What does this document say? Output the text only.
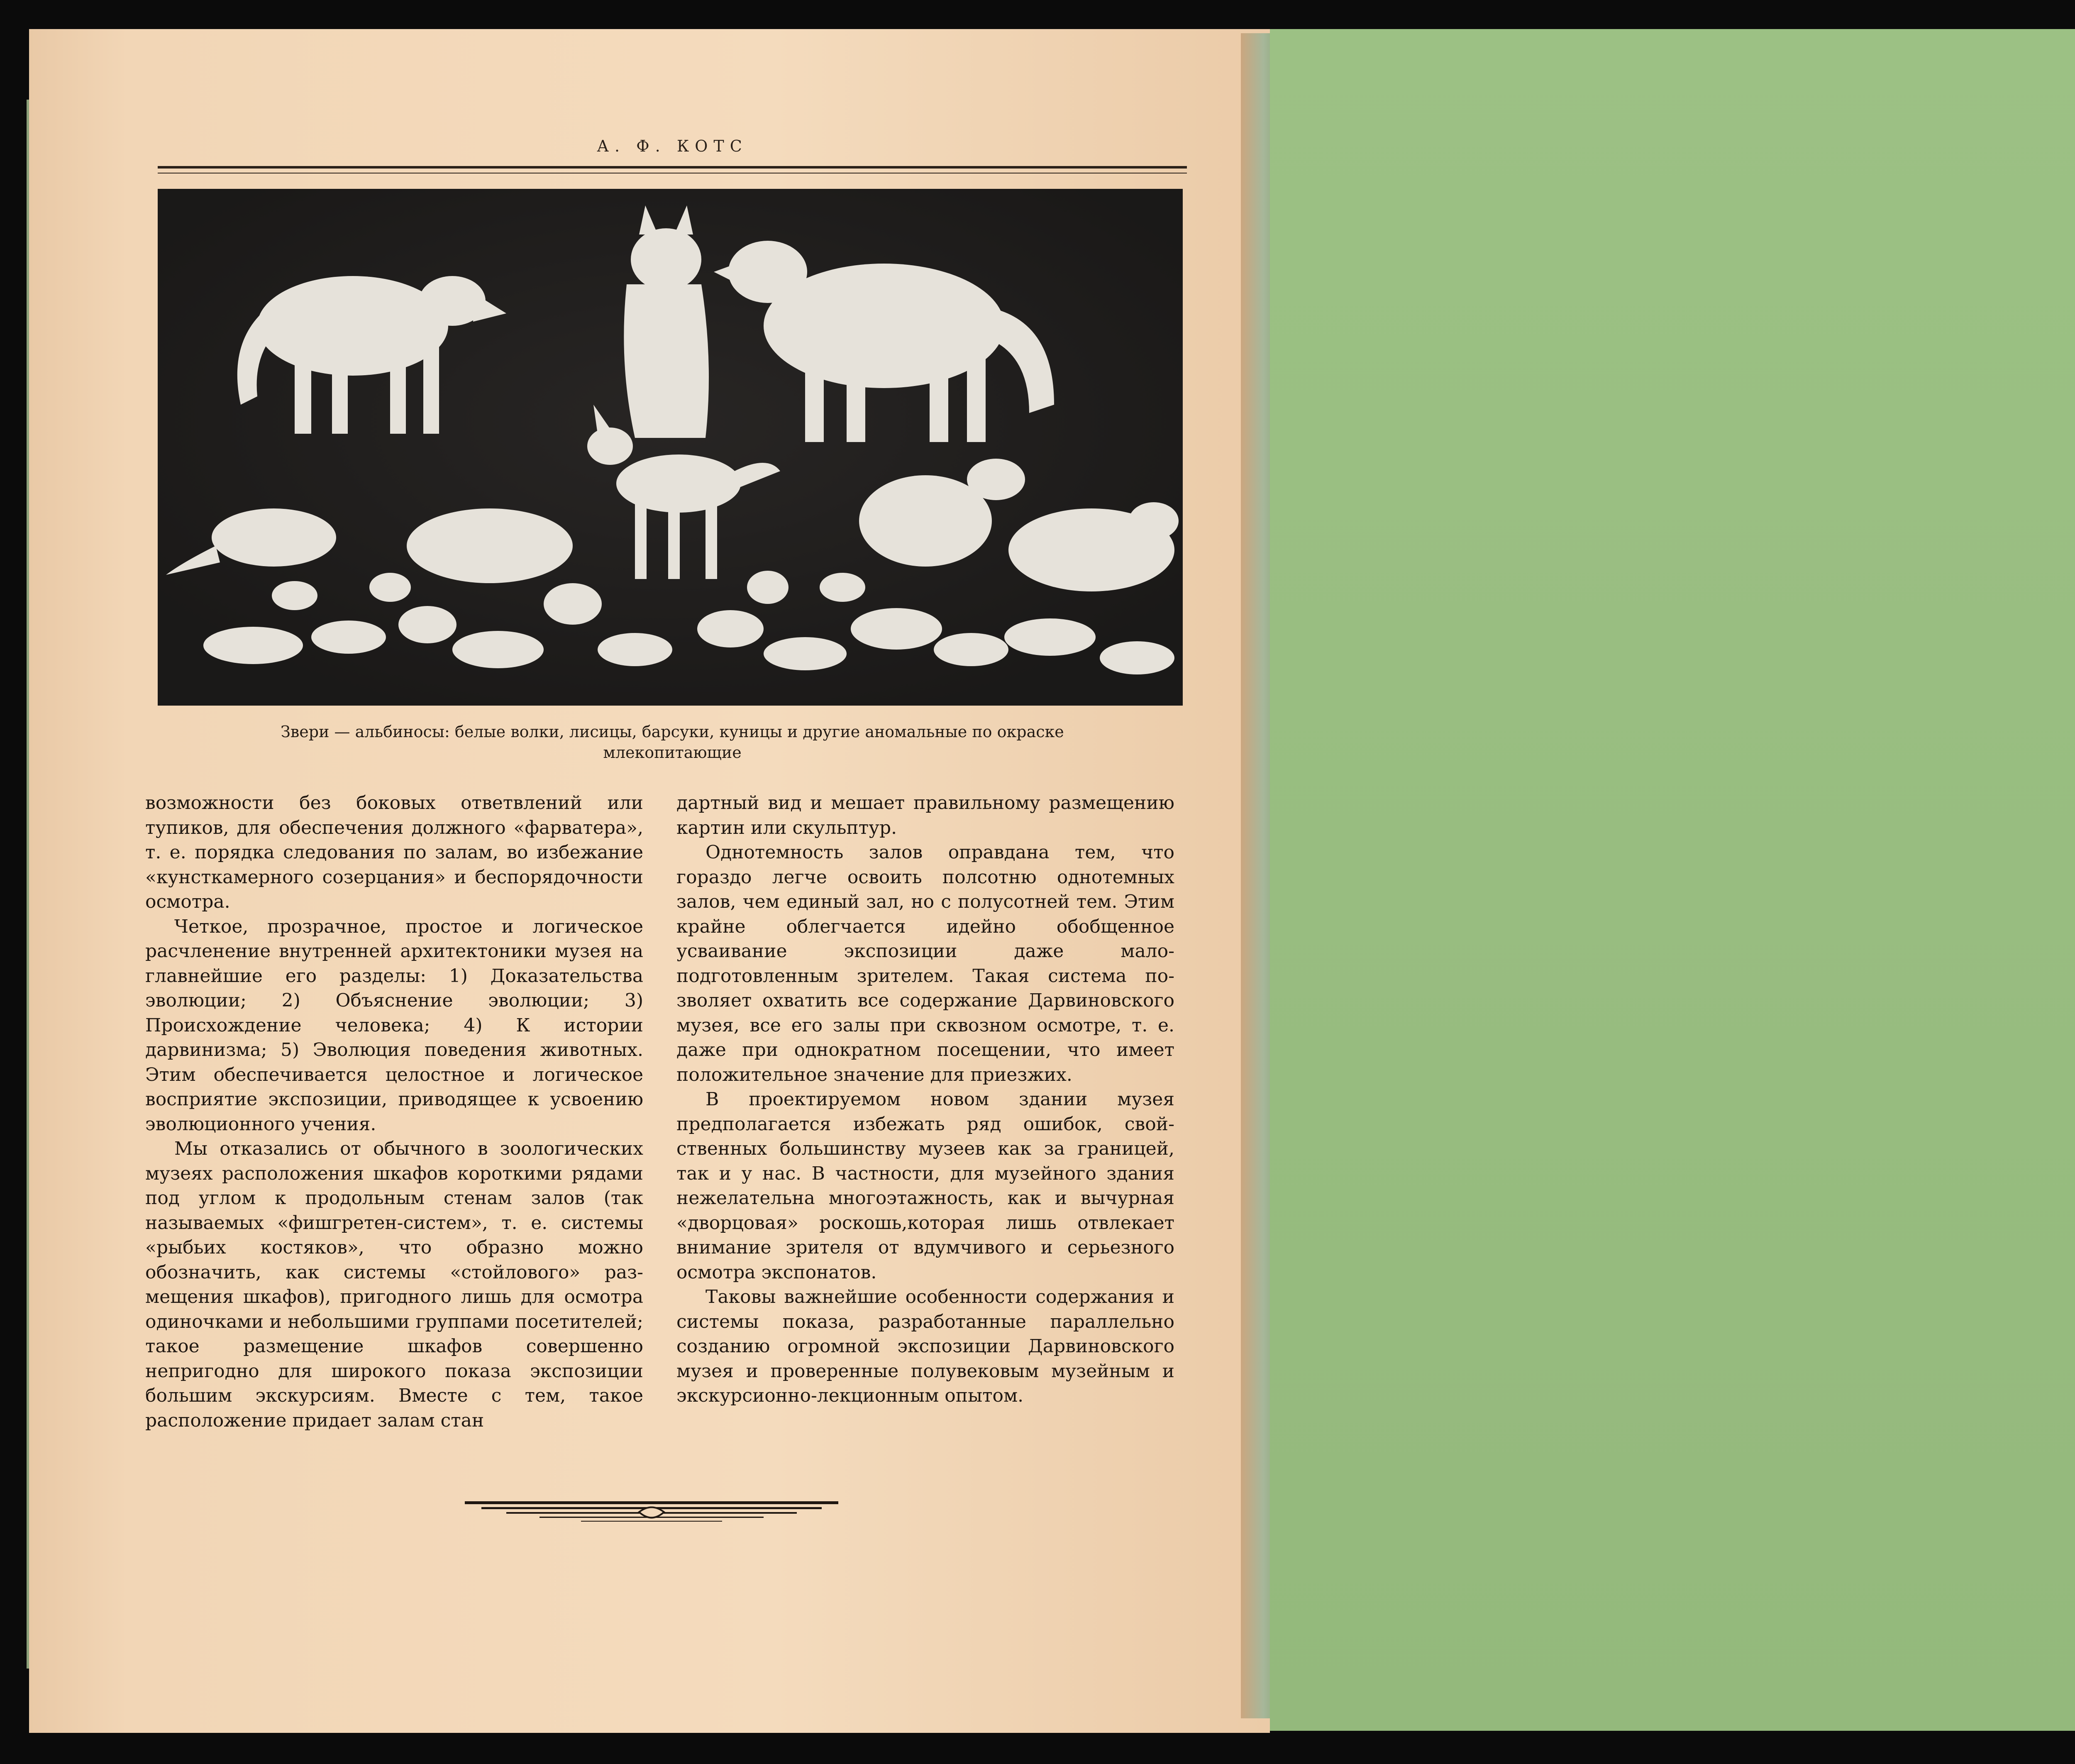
А. Ф. КОТС
Звери — альбиносы: белые волки, лисицы, барсуки, куницы и другие аномальные по окраске
млекопитающие

возможности без боковых ответвлений или тупиков, для обеспечения должного «фарватера», т. е. порядка следования по залам, во избежание «кунсткамерного созерцания» и беспорядочности осмотра.

Четкое, прозрачное, простое и логическое расчленение внутренней архитектоники музея на главнейшие его разделы: 1) Доказательства эволюции; 2) Объяснение эволюции; 3) Происхождение человека; 4) К истории дарвинизма; 5) Эволюция поведения животных. Этим обеспечивается целостное и логическое восприятие экспозиции, приводящее к усвоению эволюционного учения.

Мы отказались от обычного в зоологических музеях расположения шкафов короткими рядами под углом к продольным стенам залов (так называемых «фишгретен-систем», т. е. системы «рыбьих костяков», что образно можно обозначить, как системы «стойлового» размещения шкафов), пригодного лишь для осмотра одиночками и небольшими группами посетителей; такое размещение шкафов совершенно непригодно для широкого показа экспозиции большим экскурсиям. Вместе с тем, такое расположение придает залам стан

дартный вид и мешает правильному размещению картин или скульптур.

Однотемность залов оправдана тем, что гораздо легче освоить полсотню однотемных залов, чем единый зал, но с полусотней тем. Этим крайне облегчается идейно обобщенное усваивание экспозиции даже малоподготовленным зрителем. Такая система позволяет охватить все содержание Дарвиновского музея, все его залы при сквозном осмотре, т. е. даже при однократном посещении, что имеет положительное значение для приезжих.

В проектируемом новом здании музея предполагается избежать ряд ошибок, свойственных большинству музеев как за границей, так и у нас. В частности, для музейного здания нежелательна многоэтажность, как и вычурная «дворцовая» роскошь,которая лишь отвлекает внимание зрителя от вдумчивого и серьезного осмотра экспонатов.

Таковы важнейшие особенности содержания и системы показа, разработанные параллельно созданию огромной экспозиции Дарвиновского музея и проверенные полувековым музейным и экскурсионно-лекционным опытом.
